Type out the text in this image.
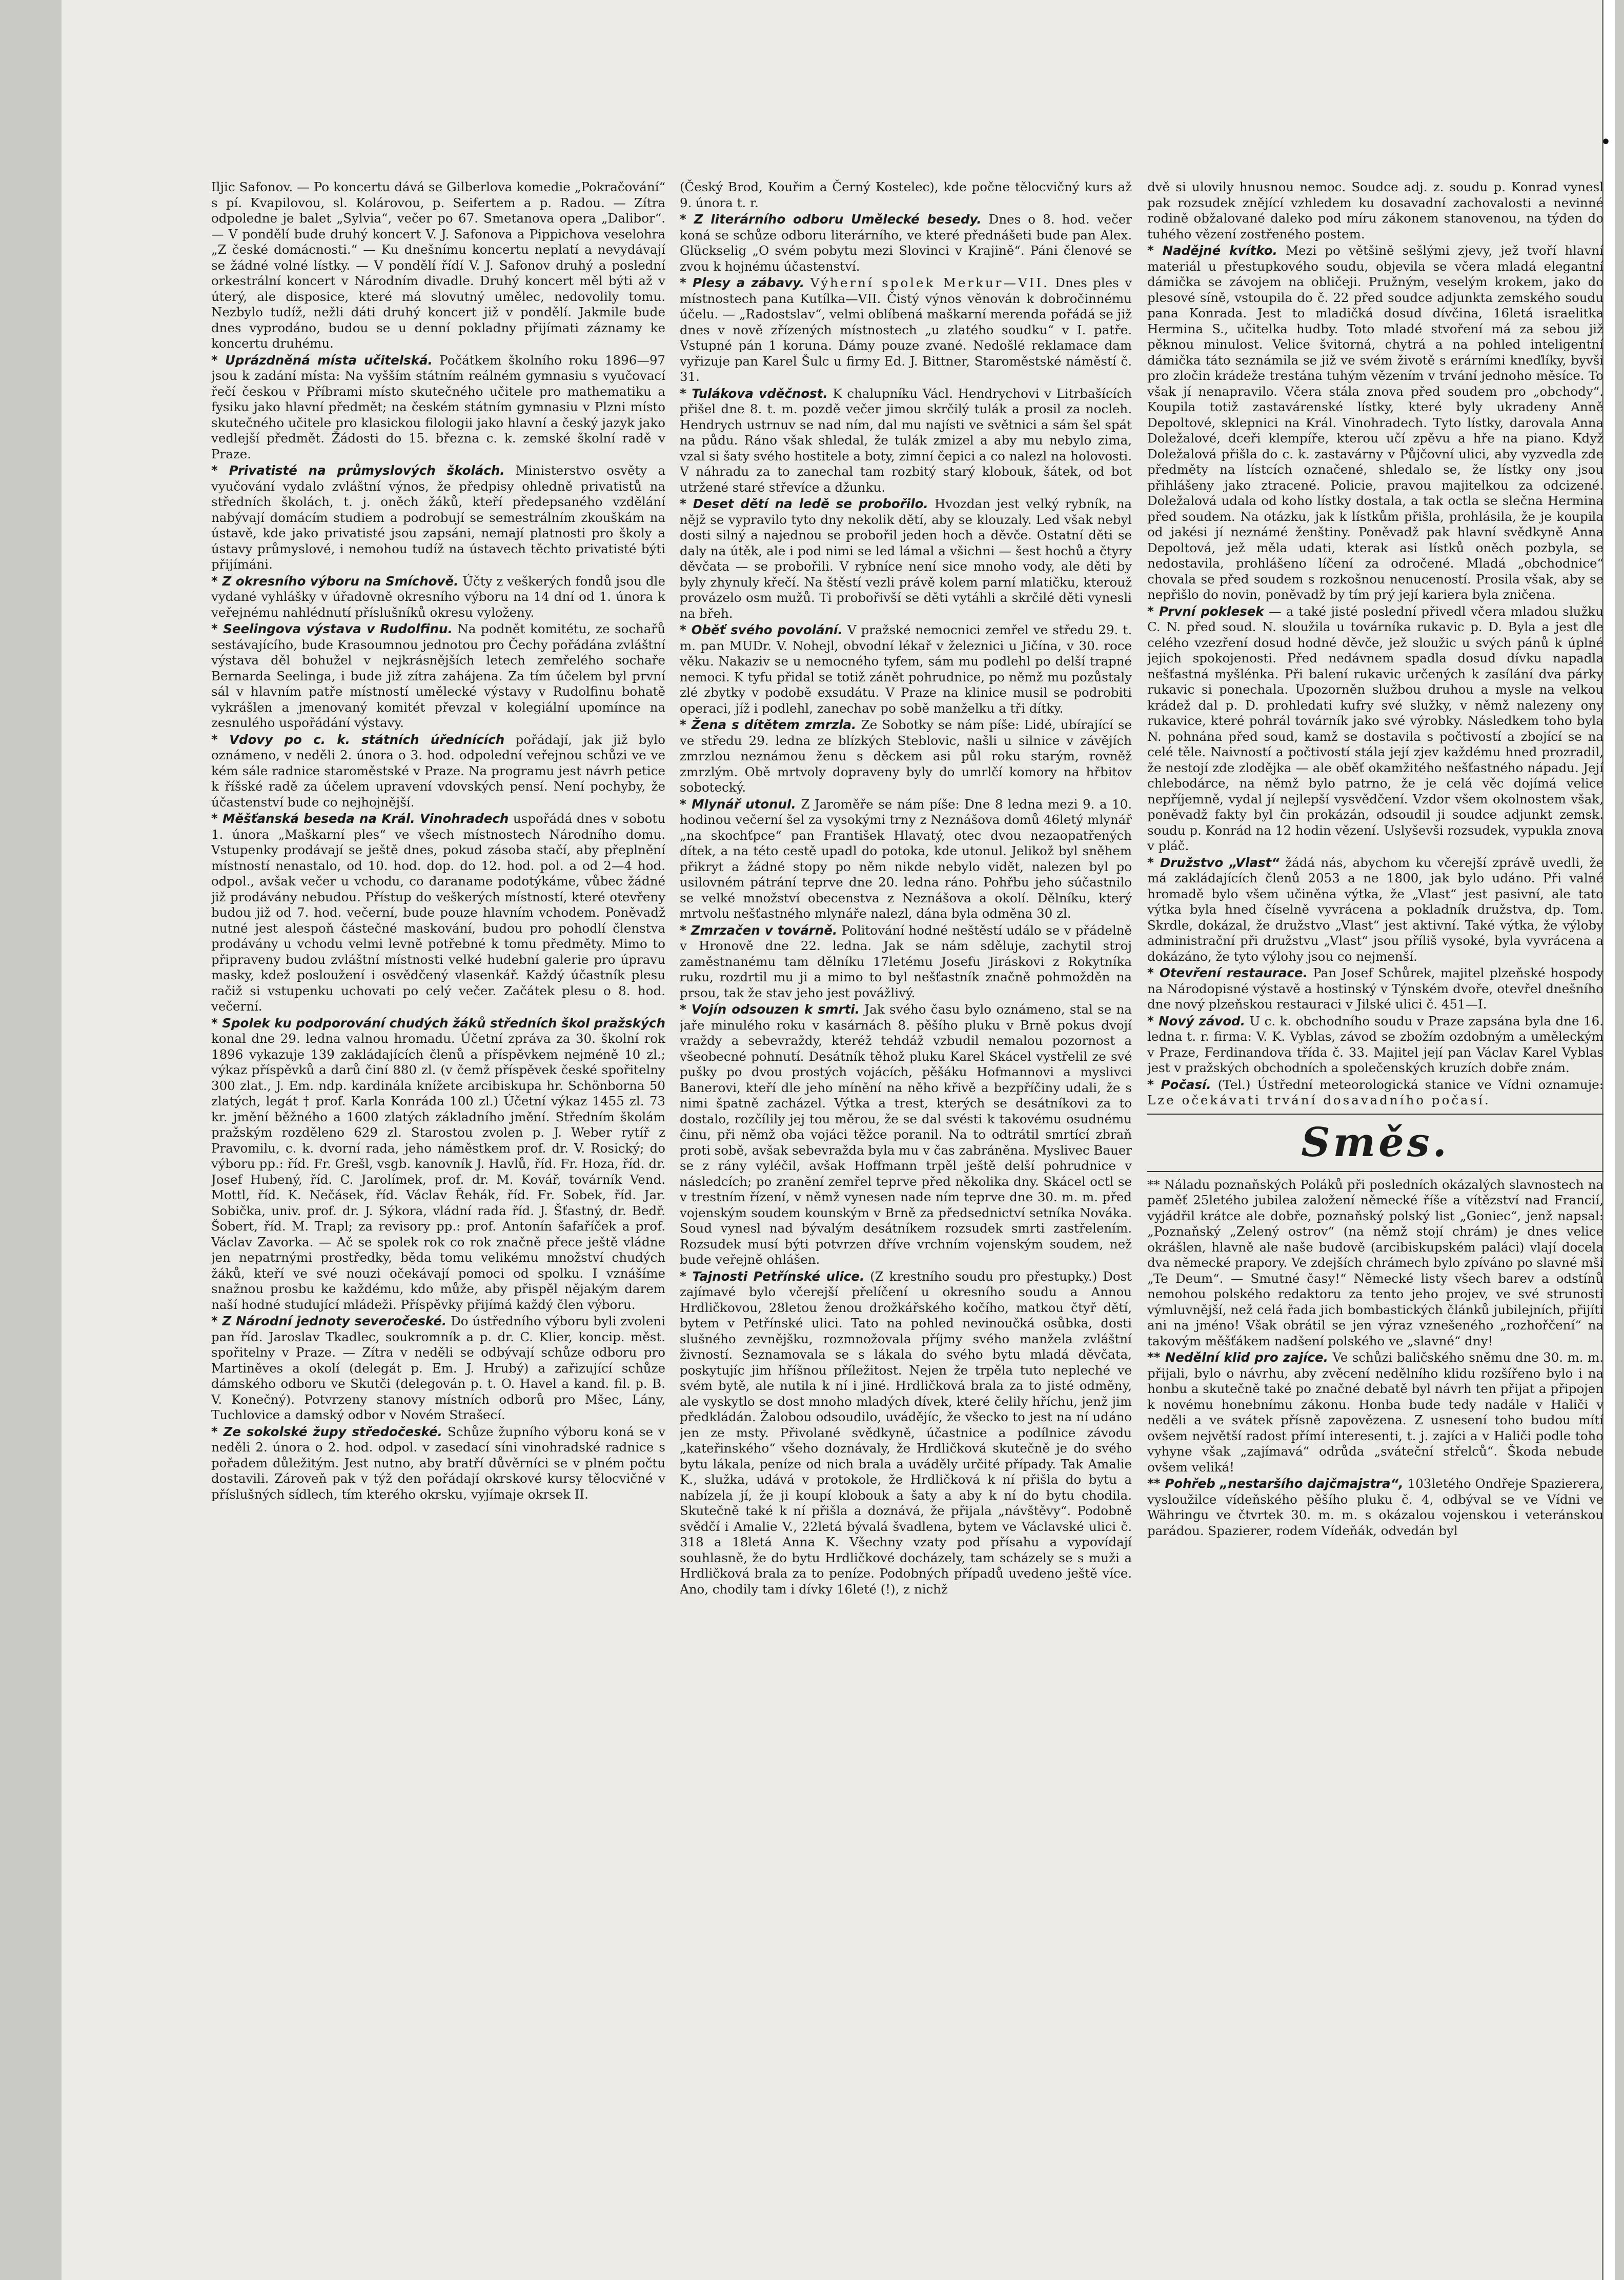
•

Iljic Safonov. — Po koncertu dává se Gilberlova komedie „Pokračování“ s pí. Kvapilovou, sl. Kolárovou, p. Seifertem a p. Radou. — Zítra odpoledne je balet „Sylvia“, večer po 67. Smetanova opera „Dalibor“. — V pondělí bude druhý koncert V. J. Safonova a Pippichova veselohra „Z české domácnosti.“ — Ku dnešnímu koncertu neplatí a nevydávají se žádné volné lístky. — V pondělí řídí V. J. Safonov druhý a poslední orkestrální koncert v Národním divadle. Druhý koncert měl býti až v úterý, ale disposice, které má slovutný umělec, nedovolily tomu. Nezbylo tudíž, nežli dáti druhý koncert již v pondělí. Jakmile bude dnes vyprodáno, budou se u denní pokladny přijímati záznamy ke koncertu druhému.

* Uprázdněná místa učitelská. Počátkem školního roku 1896—97 jsou k zadání místa: Na vyšším státním reálném gymnasiu s vyučovací řečí českou v Příbrami místo skutečného učitele pro mathematiku a fysiku jako hlavní předmět; na českém státním gymnasiu v Plzni místo skutečného učitele pro klasickou filologii jako hlavní a český jazyk jako vedlejší předmět. Žádosti do 15. března c. k. zemské školní radě v Praze.

* Privatisté na průmyslových školách. Ministerstvo osvěty a vyučování vydalo zvláštní výnos, že předpisy ohledně privatistů na středních školách, t. j. oněch žáků, kteří předepsaného vzdělání nabývají domácím studiem a podrobují se semestrálním zkouškám na ústavě, kde jako privatisté jsou zapsáni, nemají platnosti pro školy a ústavy průmyslové, i nemohou tudíž na ústavech těchto privatisté býti přijímáni.

* Z okresního výboru na Smíchově. Účty z veškerých fondů jsou dle vydané vyhlášky v úřadovně okresního výboru na 14 dní od 1. února k veřejnému nahlédnutí příslušníků okresu vyloženy.

* Seelingova výstava v Rudolfinu. Na podnět komitétu, ze sochařů sestávajícího, bude Krasoumnou jednotou pro Čechy pořádána zvláštní výstava děl bohužel v nejkrásnějších letech zemřelého sochaře Bernarda Seelinga, i bude již zítra zahájena. Za tím účelem byl první sál v hlavním patře místností umělecké výstavy v Rudolfinu bohatě vykrášlen a jmenovaný komitét převzal v kolegiální upomínce na zesnulého uspořádání výstavy.

* Vdovy po c. k. státních úřednících pořádají, jak již bylo oznámeno, v neděli 2. února o 3. hod. odpolední veřejnou schůzi ve ve kém sále radnice staroměstské v Praze. Na programu jest návrh petice k říšské radě za účelem upravení vdovských pensí. Není pochyby, že účastenství bude co nejhojnější.

* Měšťanská beseda na Král. Vinohradech uspořádá dnes v sobotu 1. února „Maškarní ples“ ve všech místnostech Národního domu. Vstupenky prodávají se ještě dnes, pokud zásoba stačí, aby přeplnění místností nenastalo, od 10. hod. dop. do 12. hod. pol. a od 2—4 hod. odpol., avšak večer u vchodu, co daraname podotýkáme, vůbec žádné již prodávány nebudou. Přístup do veškerých místností, které otevřeny budou již od 7. hod. večerní, bude pouze hlavním vchodem. Poněvadž nutné jest alespoň částečné maskování, budou pro pohodlí členstva prodávány u vchodu velmi levně potřebné k tomu předměty. Mimo to připraveny budou zvláštní místnosti velké hudební galerie pro úpravu masky, kdež posloužení i osvědčený vlasenkář. Každý účastník plesu račiž si vstupenku uchovati po celý večer. Začátek plesu o 8. hod. večerní.

* Spolek ku podporování chudých žáků středních škol pražských konal dne 29. ledna valnou hromadu. Účetní zpráva za 30. školní rok 1896 vykazuje 139 zakládajících členů a příspěvkem nejméně 10 zl.; výkaz příspěvků a darů činí 880 zl. (v čemž příspěvek české spořitelny 300 zlat., J. Em. ndp. kardinála knížete arcibiskupa hr. Schönborna 50 zlatých, legát † prof. Karla Konráda 100 zl.) Účetní výkaz 1455 zl. 73 kr. jmění běžného a 1600 zlatých základního jmění. Středním školám pražským rozděleno 629 zl. Starostou zvolen p. J. Weber rytíř z Pravomilu, c. k. dvorní rada, jeho náměstkem prof. dr. V. Rosický; do výboru pp.: říd. Fr. Grešl, vsgb. kanovník J. Havlů, říd. Fr. Hoza, říd. dr. Josef Hubený, říd. C. Jarolímek, prof. dr. M. Kovář, továrník Vend. Mottl, říd. K. Nečásek, říd. Václav Řehák, říd. Fr. Sobek, říd. Jar. Sobička, univ. prof. dr. J. Sýkora, vládní rada říd. J. Šťastný, dr. Bedř. Šobert, říd. M. Trapl; za revisory pp.: prof. Antonín šafaříček a prof. Václav Zavorka. — Ač se spolek rok co rok značně přece ještě vládne jen nepatrnými prostředky, běda tomu velikému množství chudých žáků, kteří ve své nouzi očekávají pomoci od spolku. I vznášíme snažnou prosbu ke každému, kdo může, aby přispěl nějakým darem naší hodné studující mládeži. Příspěvky přijímá každý člen výboru.

* Z Národní jednoty severočeské. Do ústředního výboru byli zvoleni pan říd. Jaroslav Tkadlec, soukromník a p. dr. C. Klier, koncip. měst. spořitelny v Praze. — Zítra v neděli se odbývají schůze odboru pro Martiněves a okolí (delegát p. Em. J. Hrubý) a zařizující schůze dámského odboru ve Skutči (delegován p. t. O. Havel a kand. fil. p. B. V. Konečný). Potvrzeny stanovy místních odborů pro Mšec, Lány, Tuchlovice a damský odbor v Novém Strašecí.

* Ze sokolské župy středočeské. Schůze župního výboru koná se v neděli 2. února o 2. hod. odpol. v zasedací síni vinohradské radnice s pořadem důležitým. Jest nutno, aby bratří důvěrníci se v plném počtu dostavili. Zároveň pak v týž den pořádají okrskové kursy tělocvičné v příslušných sídlech, tím kterého okrsku, vyjímaje okrsek II.

(Český Brod, Kouřim a Černý Kostelec), kde počne tělocvičný kurs až 9. února t. r.

* Z literárního odboru Umělecké besedy. Dnes o 8. hod. večer koná se schůze odboru literárního, ve které přednášeti bude pan Alex. Glückselig „O svém pobytu mezi Slovinci v Krajině“. Páni členové se zvou k hojnému účastenství.

* Plesy a zábavy. Výherní spolek Merkur—VII. Dnes ples v místnostech pana Kutílka—VII. Čistý výnos věnován k dobročinnému účelu. — „Radostslav“, velmi oblíbená maškarní merenda pořádá se již dnes v nově zřízených místnostech „u zlatého soudku“ v I. patře. Vstupné pán 1 koruna. Dámy pouze zvané. Nedošlé reklamace dam vyřizuje pan Karel Šulc u firmy Ed. J. Bittner, Staroměstské náměstí č. 31.

* Tulákova vděčnost. K chalupníku Václ. Hendrychovi v Litrbašících přišel dne 8. t. m. pozdě večer jimou skrčilý tulák a prosil za nocleh. Hendrych ustrnuv se nad ním, dal mu najísti ve světnici a sám šel spát na půdu. Ráno však shledal, že tulák zmizel a aby mu nebylo zima, vzal si šaty svého hostitele a boty, zimní čepici a co nalezl na holovosti. V náhradu za to zanechal tam rozbitý starý klobouk, šátek, od bot utržené staré střevíce a džunku.

* Deset dětí na ledě se probořilo. Hvozdan jest velký rybník, na nějž se vypravilo tyto dny nekolik dětí, aby se klouzaly. Led však nebyl dosti silný a najednou se probořil jeden hoch a děvče. Ostatní děti se daly na útěk, ale i pod nimi se led lámal a všichni — šest hochů a čtyry děvčata — se probořili. V rybníce není sice mnoho vody, ale děti by byly zhynuly křečí. Na štěstí vezli právě kolem parní mlatičku, kterouž provázelo osm mužů. Ti probořivší se děti vytáhli a skrčilé děti vynesli na břeh.

* Oběť svého povolání. V pražské nemocnici zemřel ve středu 29. t. m. pan MUDr. V. Nohejl, obvodní lékař v železnici u Jičína, v 30. roce věku. Nakaziv se u nemocného tyfem, sám mu podlehl po delší trapné nemoci. K tyfu přidal se totiž zánět pohrudnice, po němž mu pozůstaly zlé zbytky v podobě exsudátu. V Praze na klinice musil se podrobiti operaci, jíž i podlehl, zanechav po sobě manželku a tři dítky.

* Žena s dítětem zmrzla. Ze Sobotky se nám píše: Lidé, ubírající se ve středu 29. ledna ze blízkých Steblovic, našli u silnice v závějích zmrzlou neznámou ženu s děckem asi půl roku starým, rovněž zmrzlým. Obě mrtvoly dopraveny byly do umrlčí komory na hřbitov sobotecký.

* Mlynář utonul. Z Jaroměře se nám píše: Dne 8 ledna mezi 9. a 10. hodinou večerní šel za vysokými trny z Neznášova domů 46letý mlynář „na skochťpce“ pan František Hlavatý, otec dvou nezaopatřených dítek, a na této cestě upadl do potoka, kde utonul. Jelikož byl sněhem přikryt a žádné stopy po něm nikde nebylo vidět, nalezen byl po usilovném pátrání teprve dne 20. ledna ráno. Pohřbu jeho súčastnilo se velké množství obecenstva z Neznášova a okolí. Dělníku, který mrtvolu nešťastného mlynáře nalezl, dána byla odměna 30 zl.

* Zmrzačen v továrně. Politování hodné neštěstí událo se v přádelně v Hronově dne 22. ledna. Jak se nám sděluje, zachytil stroj zaměstnanému tam dělníku 17letému Josefu Jiráskovi z Rokytníka ruku, rozdrtil mu ji a mimo to byl nešťastník značně pohmožděn na prsou, tak že stav jeho jest povážlivý.

* Vojín odsouzen k smrti. Jak svého času bylo oznámeno, stal se na jaře minulého roku v kasárnách 8. pěšího pluku v Brně pokus dvojí vraždy a sebevraždy, kteréž tehdáž vzbudil nemalou pozornost a všeobecné pohnutí. Desátník těhož pluku Karel Skácel vystřelil ze své pušky po dvou prostých vojácích, pěšáku Hofmannovi a myslivci Banerovi, kteří dle jeho mínění na něho křivě a bezpříčiny udali, že s nimi špatně zacházel. Výtka a trest, kterých se desátníkovi za to dostalo, rozčílily jej tou měrou, že se dal svésti k takovému osudnému činu, při němž oba vojáci těžce poranil. Na to odtrátil smrtící zbraň proti sobě, avšak sebevražda byla mu v čas zabráněna. Myslivec Bauer se z rány vyléčil, avšak Hoffmann trpěl ještě delší pohrudnice v následcích; po zranění zemřel teprve před několika dny. Skácel octl se v trestním řízení, v němž vynesen nade ním teprve dne 30. m. m. před vojenským soudem kounským v Brně za předsednictví setníka Nováka. Soud vynesl nad bývalým desátníkem rozsudek smrti zastřelením. Rozsudek musí býti potvrzen dříve vrchním vojenským soudem, než bude veřejně ohlášen.

* Tajnosti Petřínské ulice. (Z krestního soudu pro přestupky.) Dost zajímavé bylo včerejší přelíčení u okresního soudu a Annou Hrdličkovou, 28letou ženou drožkářského kočího, matkou čtyř dětí, bytem v Petřínské ulici. Tato na pohled nevinoučká osůbka, dosti slušného zevnějšku, rozmnožovala příjmy svého manžela zvláštní živností. Seznamovala se s lákala do svého bytu mladá děvčata, poskytujíc jim hříšnou příležitost. Nejen že trpěla tuto nepleché ve svém bytě, ale nutila k ní i jiné. Hrdličková brala za to jisté odměny, ale vyskytlo se dost mnoho mladých dívek, které čelily hříchu, jenž jim předkládán. Žalobou odsoudilo, uvádějíc, že všecko to jest na ní udáno jen ze msty. Přivolané svědkyně, účastnice a podílnice závodu „kateřinského“ všeho doznávaly, že Hrdličková skutečně je do svého bytu lákala, peníze od nich brala a uváděly určité případy. Tak Amalie K., služka, udává v protokole, že Hrdličková k ní přišla do bytu a nabízela jí, že ji koupí klobouk a šaty a aby k ní do bytu chodila. Skutečně také k ní přišla a doznává, že přijala „návštěvy“. Podobně svědčí i Amalie V., 22letá bývalá švadlena, bytem ve Václavské ulici č. 318 a 18letá Anna K. Všechny vzaty pod přísahu a vypovídají souhlasně, že do bytu Hrdličkové docházely, tam scházely se s muži a Hrdličková brala za to peníze. Podobných případů uvedeno ještě více. Ano, chodily tam i dívky 16leté (!), z nichž

dvě si ulovily hnusnou nemoc. Soudce adj. z. soudu p. Konrad vynesl pak rozsudek znějící vzhledem ku dosavadní zachovalosti a nevinné rodině obžalované daleko pod míru zákonem stanovenou, na týden do tuhého vězení zostřeného postem.

* Nadějné kvítko. Mezi po většině sešlými zjevy, jež tvoří hlavní materiál u přestupkového soudu, objevila se včera mladá elegantní dámička se závojem na obličeji. Pružným, veselým krokem, jako do plesové síně, vstoupila do č. 22 před soudce adjunkta zemského soudu pana Konrada. Jest to mladičká dosud dívčina, 16letá israelitka Hermina S., učitelka hudby. Toto mladé stvoření má za sebou již pěknou minulost. Velice švitorná, chytrá a na pohled inteligentní dámička táto seznámila se již ve svém životě s erárními kneďlíky, byvši pro zločin krádeže trestána tuhým vězením v trvání jednoho měsíce. To však jí nenapravilo. Včera stála znova před soudem pro „obchody“. Koupila totiž zastavárenské lístky, které byly ukradeny Anně Depoltové, sklepnici na Král. Vinohradech. Tyto lístky, darovala Anna Doležalové, dceři klempíře, kterou učí zpěvu a hře na piano. Když Doležalová přišla do c. k. zastavárny v Půjčovní ulici, aby vyzvedla zde předměty na lístcích označené, shledalo se, že lístky ony jsou přihlášeny jako ztracené. Policie, pravou majitelkou za odcizené. Doležalová udala od koho lístky dostala, a tak octla se slečna Hermina před soudem. Na otázku, jak k lístkům přišla, prohlásila, že je koupila od jakési jí neznámé ženštiny. Poněvadž pak hlavní svědkyně Anna Depoltová, jež měla udati, kterak asi lístků oněch pozbyla, se nedostavila, prohlášeno líčení za odročené. Mladá „obchodnice“ chovala se před soudem s rozkošnou nenuceností. Prosila však, aby se nepřišlo do novin, poněvadž by tím prý její kariera byla zničena.

* První poklesek — a také jisté poslední přivedl včera mladou služku C. N. před soud. N. sloužila u továrníka rukavic p. D. Byla a jest dle celého vzezření dosud hodné děvče, jež sloužic u svých pánů k úplné jejich spokojenosti. Před nedávnem spadla dosud dívku napadla nešťastná myšlénka. Při balení rukavic určených k zasílání dva párky rukavic si ponechala. Upozorněn službou druhou a mysle na velkou krádež dal p. D. prohledati kufry své služky, v němž nalezeny ony rukavice, které pohrál továrník jako své výrobky. Následkem toho byla N. pohnána před soud, kamž se dostavila s počtivostí a zbojící se na celé těle. Naivností a počtivostí stála její zjev každému hned prozradil, že nestojí zde zlodějka — ale oběť okamžitého nešťastného nápadu. Její chlebodárce, na němž bylo patrno, že je celá věc dojímá velice nepříjemně, vydal jí nejlepší vysvědčení. Vzdor všem okolnostem však, poněvadž fakty byl čin prokázán, odsoudil ji soudce adjunkt zemsk. soudu p. Konrád na 12 hodin vězení. Uslyševši rozsudek, vypukla znova v pláč.

* Družstvo „Vlast“ žádá nás, abychom ku včerejší zprávě uvedli, že má zakládajících členů 2053 a ne 1800, jak bylo udáno. Při valné hromadě bylo všem učiněna výtka, že „Vlast“ jest pasivní, ale tato výtka byla hned číselně vyvrácena a pokladník družstva, dp. Tom. Skrdle, dokázal, že družstvo „Vlast“ jest aktivní. Také výtka, že výloby administrační při družstvu „Vlast“ jsou příliš vysoké, byla vyvrácena a dokázáno, že tyto výlohy jsou co nejmenší.

* Otevření restaurace. Pan Josef Schůrek, majitel plzeňské hospody na Národopisné výstavě a hostinský v Týnském dvoře, otevřel dnešního dne nový plzeňskou restauraci v Jilské ulici č. 451—I.

* Nový závod. U c. k. obchodního soudu v Praze zapsána byla dne 16. ledna t. r. firma: V. K. Vyblas, závod se zbožím ozdobným a uměleckým v Praze, Ferdinandova třída č. 33. Majitel její pan Václav Karel Vyblas jest v pražských obchodních a společenských kruzích dobře znám.

* Počasí. (Tel.) Ústřední meteorologická stanice ve Vídni oznamuje: Lze očekávati trvání dosavadního počasí.

Směs.

** Náladu poznaňských Poláků při posledních okázalých slavnostech na paměť 25letého jubilea založení německé říše a vítězství nad Francií, vyjádřil krátce ale dobře, poznaňský polský list „Goniec“, jenž napsal: „Poznaňský „Zelený ostrov“ (na němž stojí chrám) je dnes velice okrášlen, hlavně ale naše budově (arcibiskupském paláci) vlají docela dva německé prapory. Ve zdejších chrámech bylo zpíváno po slavné mši „Te Deum“. — Smutné časy!“ Německé listy všech barev a odstínů nemohou polského redaktoru za tento jeho projev, ve své strunosti výmluvnější, než celá řada jich bombastických článků jubilejních, přijíti ani na jméno! Však obrátil se jen výraz vznešeného „rozhořčení“ na takovým měšťákem nadšení polského ve „slavné“ dny!

** Nedělní klid pro zajíce. Ve schůzi baličského sněmu dne 30. m. m. přijali, bylo o návrhu, aby zvěcení nedělního klidu rozšířeno bylo i na honbu a skutečně také po značné debatě byl návrh ten přijat a připojen k novému honebnímu zákonu. Honba bude tedy nadále v Haliči v neděli a ve svátek přísně zapovězena. Z usnesení toho budou mítí ovšem největší radost přímí interesenti, t. j. zajíci a v Haliči podle toho vyhyne však „zajímavá“ odrůda „sváteční střelců“. Škoda nebude ovšem veliká!

** Pohřeb „nestaršího dajčmajstra“, 103letého Ondřeje Spazierera, vysloužilce vídeňského pěšího pluku č. 4, odbýval se ve Vídni ve Währingu ve čtvrtek 30. m. m. s okázalou vojenskou i veteránskou parádou. Spazierer, rodem Vídeňák, odvedán byl
